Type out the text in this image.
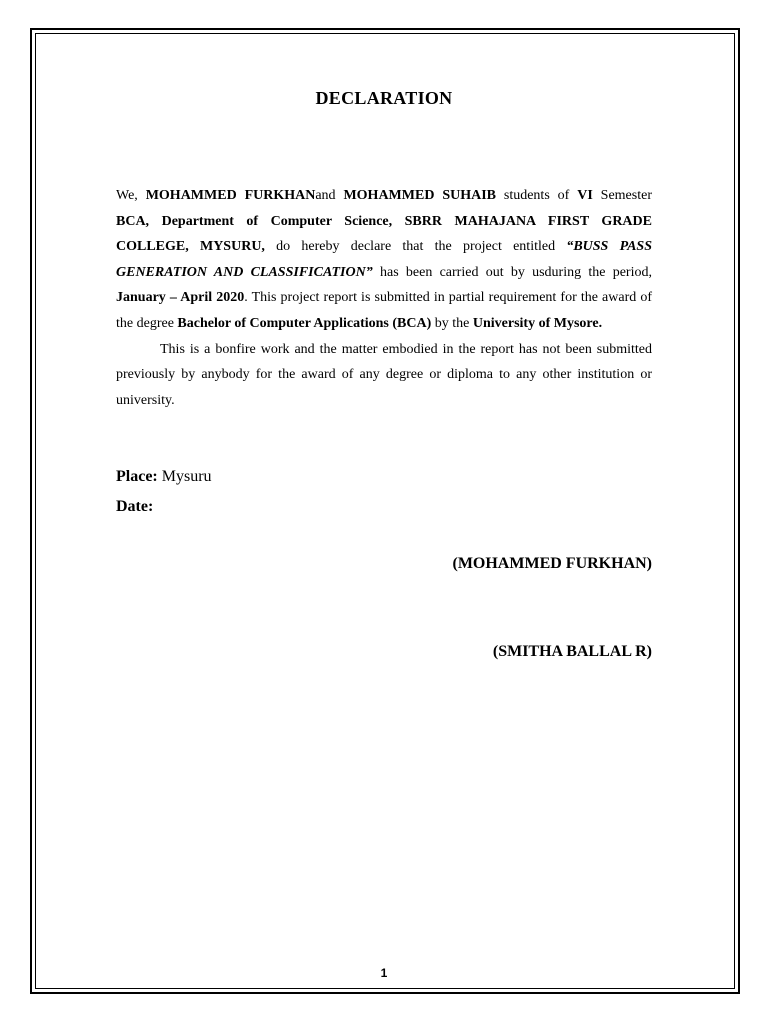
DECLARATION

We, MOHAMMED FURKHANand MOHAMMED SUHAIB students of VI Semester BCA, Department of Computer Science, SBRR MAHAJANA FIRST GRADE COLLEGE, MYSURU, do hereby declare that the project entitled “BUSS PASS GENERATION AND CLASSIFICATION” has been carried out by usduring the period, January – April 2020. This project report is submitted in partial requirement for the award of the degree Bachelor of Computer Applications (BCA) by the University of Mysore.

This is a bonfire work and the matter embodied in the report has not been submitted previously by anybody for the award of any degree or diploma to any other institution or university.

Place: Mysuru
Date:
(MOHAMMED FURKHAN)
(SMITHA BALLAL R)
1
